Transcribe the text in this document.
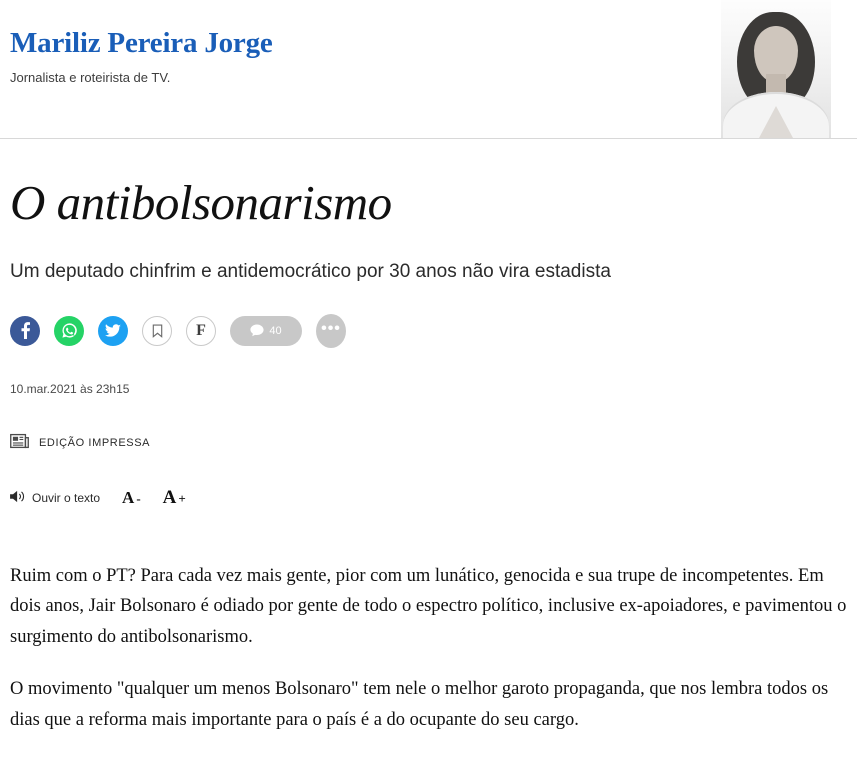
Mariliz Pereira Jorge
Jornalista e roteirista de TV.
O antibolsonarismo
Um deputado chinfrim e antidemocrático por 30 anos não vira estadista
F	40	•••
10.mar.2021 às 23h15
EDIÇÃO IMPRESSA
Ouvir o texto A - A +

Ruim com o PT? Para cada vez mais gente, pior com um lunático, genocida e sua trupe de incompetentes. Em dois anos, Jair Bolsonaro é odiado por gente de todo o espectro político, inclusive ex-apoiadores, e pavimentou o surgimento do antibolsonarismo.

O movimento "qualquer um menos Bolsonaro" tem nele o melhor garoto propaganda, que nos lembra todos os dias que a reforma mais importante para o país é a do ocupante do seu cargo.
